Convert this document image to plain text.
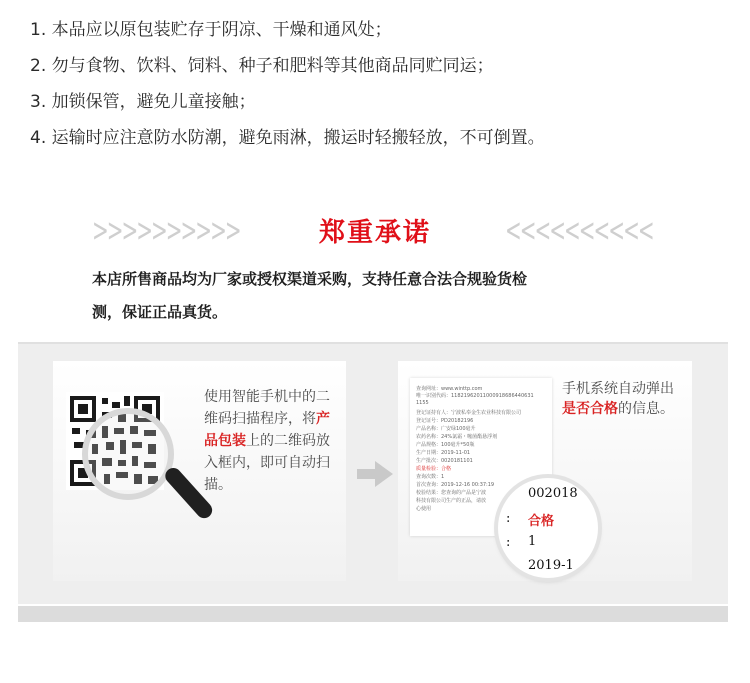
1. 本品应以原包装贮存于阴凉、干燥和通风处；
2. 勿与食物、饮料、饲料、种子和肥料等其他商品同贮同运；
3. 加锁保管，避免儿童接触；
4. 运输时应注意防水防潮，避免雨淋，搬运时轻搬轻放，不可倒置。
>>>>>>>>>>	郑重承诺	<<<<<<<<<<
本店所售商品均为厂家或授权渠道采购，支持任意合法合规验货检
测，保证正品真货。
使用智能手机中的二维码扫描程序，将产品包装上的二维码放入框内，即可自动扫描。
查询网址：www.winttp.com
唯一识别代码：11821962011000918686440631
1155
登记证持有人：宁波私奉金生农业科技有限公司
登记证号：PD20182196
产品名称：广安绿100毫升
农药名称：24%氯霜・噻菌酯悬浮剂
产品规格：100毫升*50瓶
生产日期：2019-11-01
生产批次：0020181101
质量检验：合格
查询次数：1
首次查询：2019-12-16 00:37:19
校验结果：您查询的产品是宁波
科技有限公司生产的正品，请放
心使用
002018
: 合格
: 1
2019-1
手机系统自动弹出
是否合格的信息。
